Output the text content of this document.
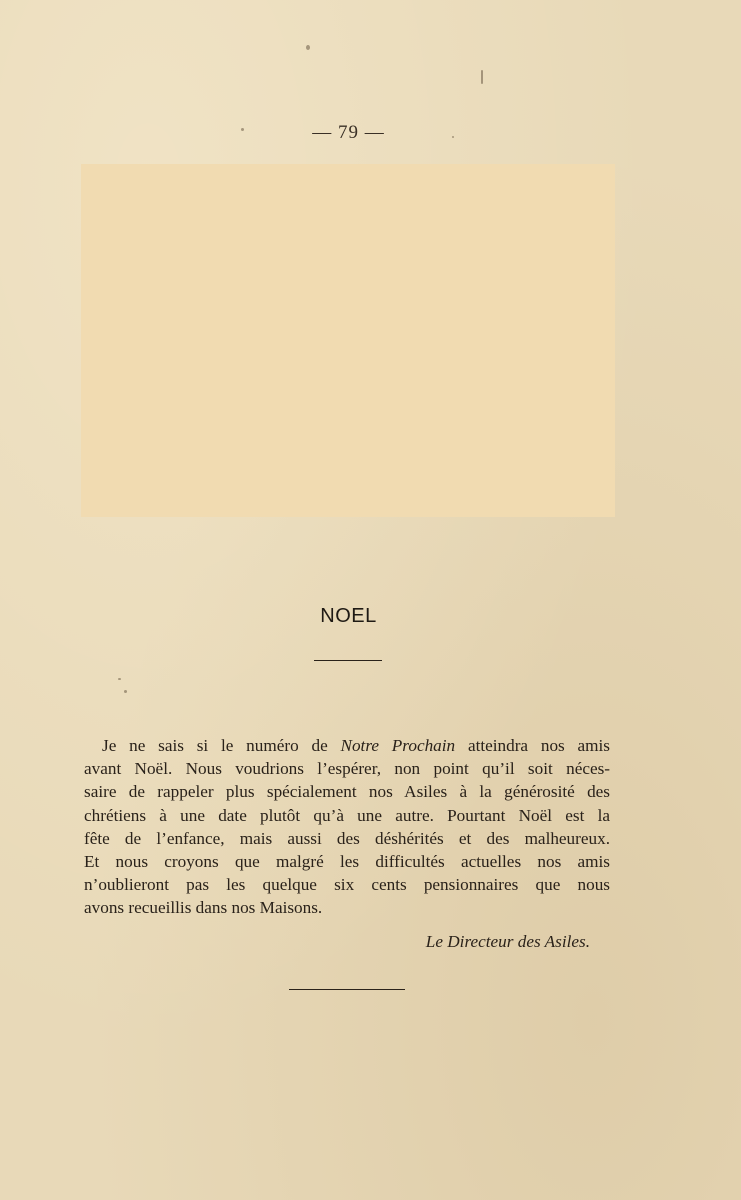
— 79 —
NOEL
Je ne sais si le numéro de Notre Prochain atteindra nos amis
avant Noël. Nous voudrions l’espérer, non point qu’il soit néces-
saire de rappeler plus spécialement nos Asiles à la générosité des
chrétiens à une date plutôt qu’à une autre. Pourtant Noël est la
fête de l’enfance, mais aussi des déshérités et des malheureux.
Et nous croyons que malgré les difficultés actuelles nos amis
n’oublieront pas les quelque six cents pensionnaires que nous
avons recueillis dans nos Maisons.
Le Directeur des Asiles.
